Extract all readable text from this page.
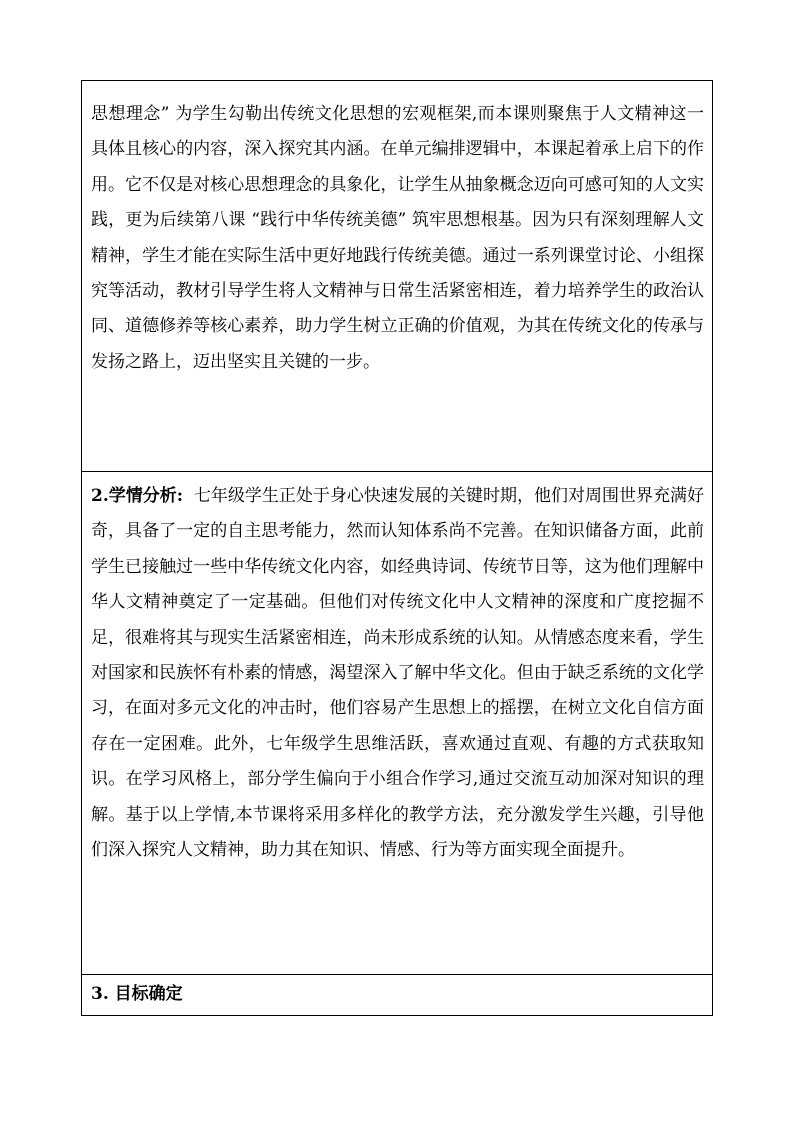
思想理念” 为学生勾勒出传统文化思想的宏观框架,而本课则聚焦于人文精神这一具体且核心的内容，深入探究其内涵。在单元编排逻辑中，本课起着承上启下的作用。它不仅是对核心思想理念的具象化，让学生从抽象概念迈向可感可知的人文实践，更为后续第八课 “践行中华传统美德” 筑牢思想根基。因为只有深刻理解人文精神，学生才能在实际生活中更好地践行传统美德。通过一系列课堂讨论、小组探究等活动，教材引导学生将人文精神与日常生活紧密相连，着力培养学生的政治认同、道德修养等核心素养，助力学生树立正确的价值观，为其在传统文化的传承与发扬之路上，迈出坚实且关键的一步。
2.学情分析: 七年级学生正处于身心快速发展的关键时期，他们对周围世界充满好奇，具备了一定的自主思考能力，然而认知体系尚不完善。在知识储备方面，此前学生已接触过一些中华传统文化内容，如经典诗词、传统节日等，这为他们理解中华人文精神奠定了一定基础。但他们对传统文化中人文精神的深度和广度挖掘不足，很难将其与现实生活紧密相连，尚未形成系统的认知。从情感态度来看，学生对国家和民族怀有朴素的情感，渴望深入了解中华文化。但由于缺乏系统的文化学习，在面对多元文化的冲击时，他们容易产生思想上的摇摆，在树立文化自信方面存在一定困难。此外，七年级学生思维活跃，喜欢通过直观、有趣的方式获取知识。在学习风格上，部分学生偏向于小组合作学习,通过交流互动加深对知识的理解。基于以上学情,本节课将采用多样化的教学方法，充分激发学生兴趣，引导他们深入探究人文精神，助力其在知识、情感、行为等方面实现全面提升。
3. 目标确定
